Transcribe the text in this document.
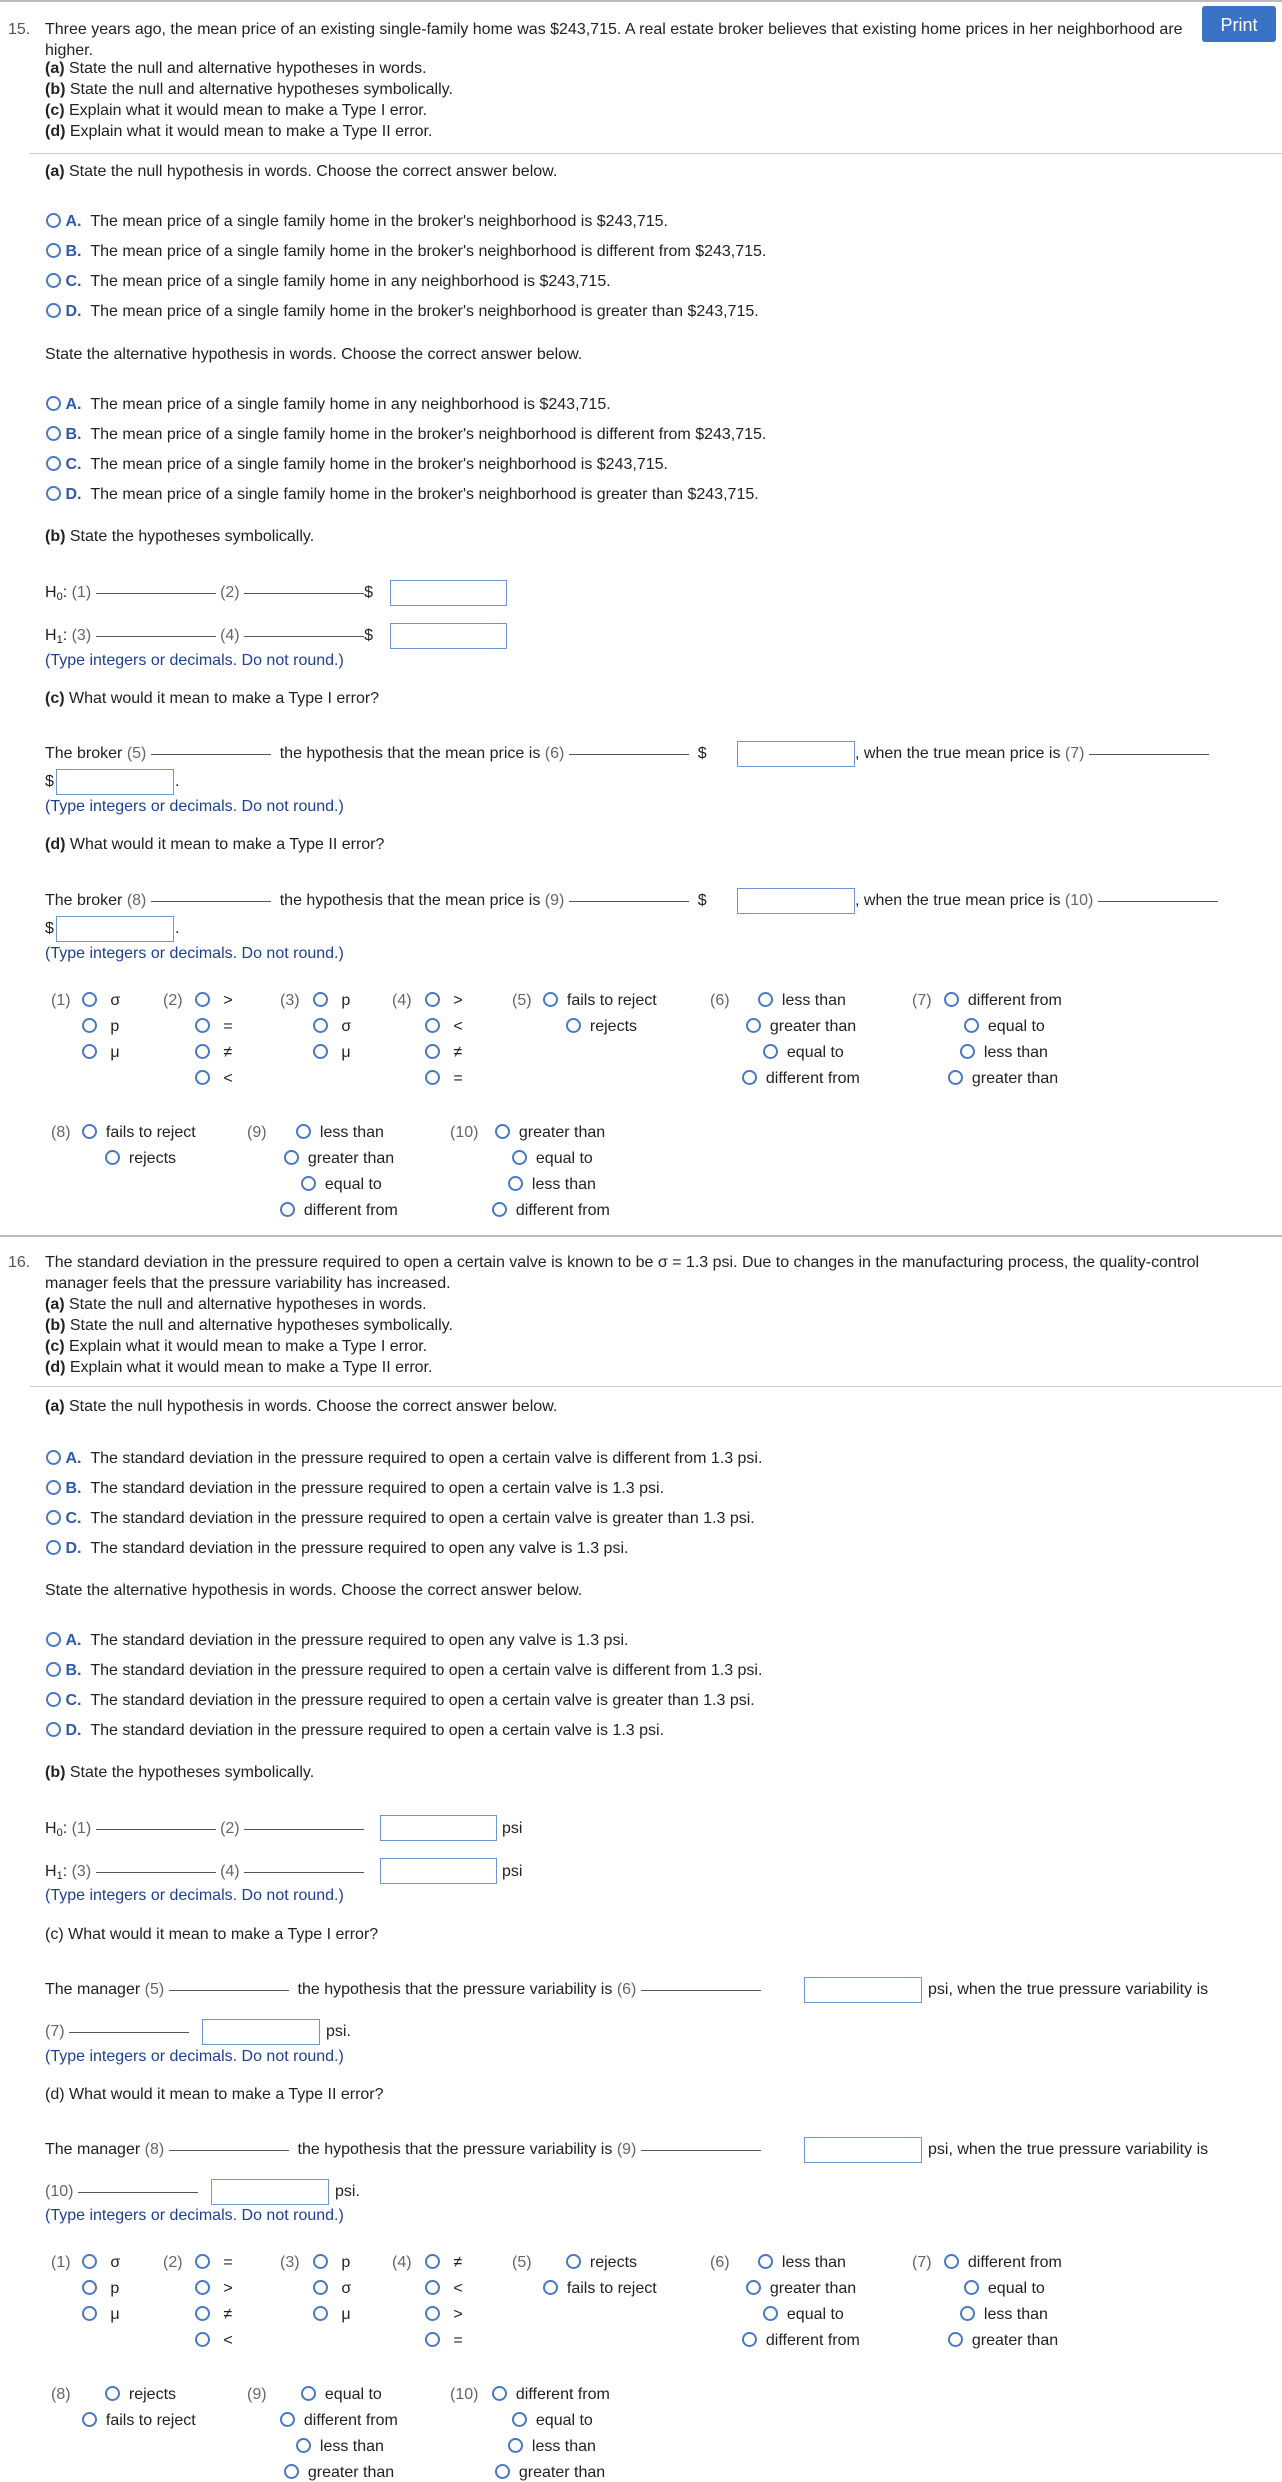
Print
15. Three years ago, the mean price of an existing single-family home was $243,715. A real estate broker believes that existing home prices in her neighborhood are
higher.
(a) State the null and alternative hypotheses in words.
(b) State the null and alternative hypotheses symbolically.
(c) Explain what it would mean to make a Type I error.
(d) Explain what it would mean to make a Type II error.
(a) State the null hypothesis in words. Choose the correct answer below.
A. The mean price of a single family home in the broker's neighborhood is $243,715.
B. The mean price of a single family home in the broker's neighborhood is different from $243,715.
C. The mean price of a single family home in any neighborhood is $243,715.
D. The mean price of a single family home in the broker's neighborhood is greater than $243,715.
State the alternative hypothesis in words. Choose the correct answer below.
A. The mean price of a single family home in any neighborhood is $243,715.
B. The mean price of a single family home in the broker's neighborhood is different from $243,715.
C. The mean price of a single family home in the broker's neighborhood is $243,715.
D. The mean price of a single family home in the broker's neighborhood is greater than $243,715.
(b) State the hypotheses symbolically.
$H_0$: (1)	(2)	$
$H_1$: (3)	(4)	$
(Type integers or decimals. Do not round.)
(c) What would it mean to make a Type I error?
The broker (5)	the hypothesis that the mean price is (6)	$	, when the true mean price is (7)
$	.
(Type integers or decimals. Do not round.)
(d) What would it mean to make a Type II error?
The broker (8)	the hypothesis that the mean price is (9)	$	, when the true mean price is (10)
$	.
(Type integers or decimals. Do not round.)
(1)	σ
p
μ
(2)	>
=
≠
<
(3)	p
σ
μ
(4)	>
<
≠
=
(5)	fails to reject
rejects
(6)	less than
greater than
equal to
different from
(7)	different from
equal to
less than
greater than
(8)	fails to reject
rejects
(9)	less than
greater than
equal to
different from
(10)	greater than
equal to
less than
different from
16. The standard deviation in the pressure required to open a certain valve is known to be σ = 1.3 psi. Due to changes in the manufacturing process, the quality-control
manager feels that the pressure variability has increased.
(a) State the null and alternative hypotheses in words.
(b) State the null and alternative hypotheses symbolically.
(c) Explain what it would mean to make a Type I error.
(d) Explain what it would mean to make a Type II error.
(a) State the null hypothesis in words. Choose the correct answer below.
A. The standard deviation in the pressure required to open a certain valve is different from 1.3 psi.
B. The standard deviation in the pressure required to open a certain valve is 1.3 psi.
C. The standard deviation in the pressure required to open a certain valve is greater than 1.3 psi.
D. The standard deviation in the pressure required to open any valve is 1.3 psi.
State the alternative hypothesis in words. Choose the correct answer below.
A. The standard deviation in the pressure required to open any valve is 1.3 psi.
B. The standard deviation in the pressure required to open a certain valve is different from 1.3 psi.
C. The standard deviation in the pressure required to open a certain valve is greater than 1.3 psi.
D. The standard deviation in the pressure required to open a certain valve is 1.3 psi.
(b) State the hypotheses symbolically.
$H_0$: (1)	(2)	psi
$H_1$: (3)	(4)	psi
(Type integers or decimals. Do not round.)
(c) What would it mean to make a Type I error?
The manager (5)	the hypothesis that the pressure variability is (6)	psi, when the true pressure variability is
(7)	psi.
(Type integers or decimals. Do not round.)
(d) What would it mean to make a Type II error?
The manager (8)	the hypothesis that the pressure variability is (9)	psi, when the true pressure variability is
(10)	psi.
(Type integers or decimals. Do not round.)
(1)	σ
p
μ
(2)	=
>
≠
<
(3)	p
σ
μ
(4)	≠
<
>
=
(5)	rejects
fails to reject
(6)	less than
greater than
equal to
different from
(7)	different from
equal to
less than
greater than
(8)	rejects
fails to reject
(9)	equal to
different from
less than
greater than
(10)	different from
equal to
less than
greater than
